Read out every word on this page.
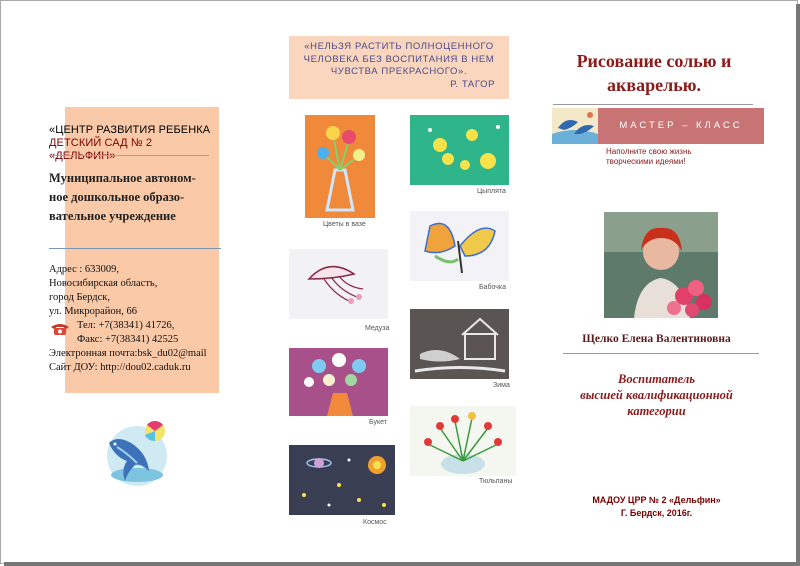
«ЦЕНТР РАЗВИТИЯ РЕБЕНКА
ДЕТСКИЙ САД № 2 «ДЕЛЬФИН»
Муниципальное автоном-
ное дошкольное образо-
вательное учреждение
Адрес : 633009,
Новосибирская область,
город Бердск,
ул. Микрорайон, 66
Тел: +7(38341) 41726,
Факс: +7(38341) 42525
Электронная почта:bsk_du02@mail
Сайт ДОУ: http://dou02.caduk.ru
«НЕЛЬЗЯ РАСТИТЬ ПОЛНОЦЕННОГО
ЧЕЛОВЕКА БЕЗ ВОСПИТАНИЯ В НЕМ
ЧУВСТВА ПРЕКРАСНОГО».
Р. ТАГОР
Цветы в вазе
Цыплята
Бабочка
Медуза
Зима
Букет
Тюльпаны
Космос
Рисование солью и
акварелью.
МАСТЕР – КЛАСС
Наполните свою жизнь
творческими идеями!
Щелко Елена Валентиновна
Воспитатель
высшей квалификационной
категории
МАДОУ ЦРР № 2 «Дельфин»
Г. Бердск, 2016г.
